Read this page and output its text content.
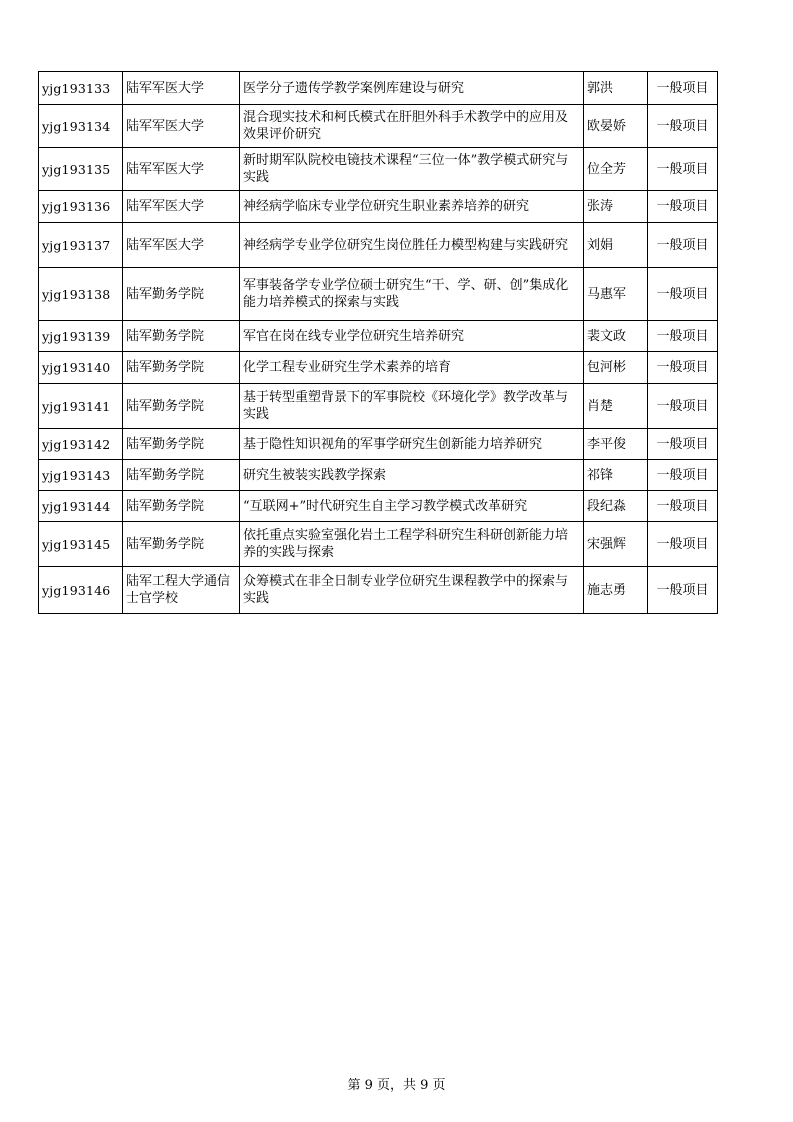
yjg193133	陆军军医大学	医学分子遗传学教学案例库建设与研究	郭洪	一般项目
yjg193134	陆军军医大学	混合现实技术和柯氏模式在肝胆外科手术教学中的应用及效果评价研究	欧晏娇	一般项目
yjg193135	陆军军医大学	新时期军队院校电镜技术课程“三位一体”教学模式研究与实践	位全芳	一般项目
yjg193136	陆军军医大学	神经病学临床专业学位研究生职业素养培养的研究	张涛	一般项目
yjg193137	陆军军医大学	神经病学专业学位研究生岗位胜任力模型构建与实践研究	刘娟	一般项目
yjg193138	陆军勤务学院	军事装备学专业学位硕士研究生“干、学、研、创”集成化能力培养模式的探索与实践	马惠军	一般项目
yjg193139	陆军勤务学院	军官在岗在线专业学位研究生培养研究	裴文政	一般项目
yjg193140	陆军勤务学院	化学工程专业研究生学术素养的培育	包河彬	一般项目
yjg193141	陆军勤务学院	基于转型重塑背景下的军事院校《环境化学》教学改革与实践	肖楚	一般项目
yjg193142	陆军勤务学院	基于隐性知识视角的军事学研究生创新能力培养研究	李平俊	一般项目
yjg193143	陆军勤务学院	研究生被装实践教学探索	祁锋	一般项目
yjg193144	陆军勤务学院	“互联网+”时代研究生自主学习教学模式改革研究	段纪淼	一般项目
yjg193145	陆军勤务学院	依托重点实验室强化岩土工程学科研究生科研创新能力培养的实践与探索	宋强辉	一般项目
yjg193146	陆军工程大学通信士官学校	众筹模式在非全日制专业学位研究生课程教学中的探索与实践	施志勇	一般项目
第 9 页，共 9 页
